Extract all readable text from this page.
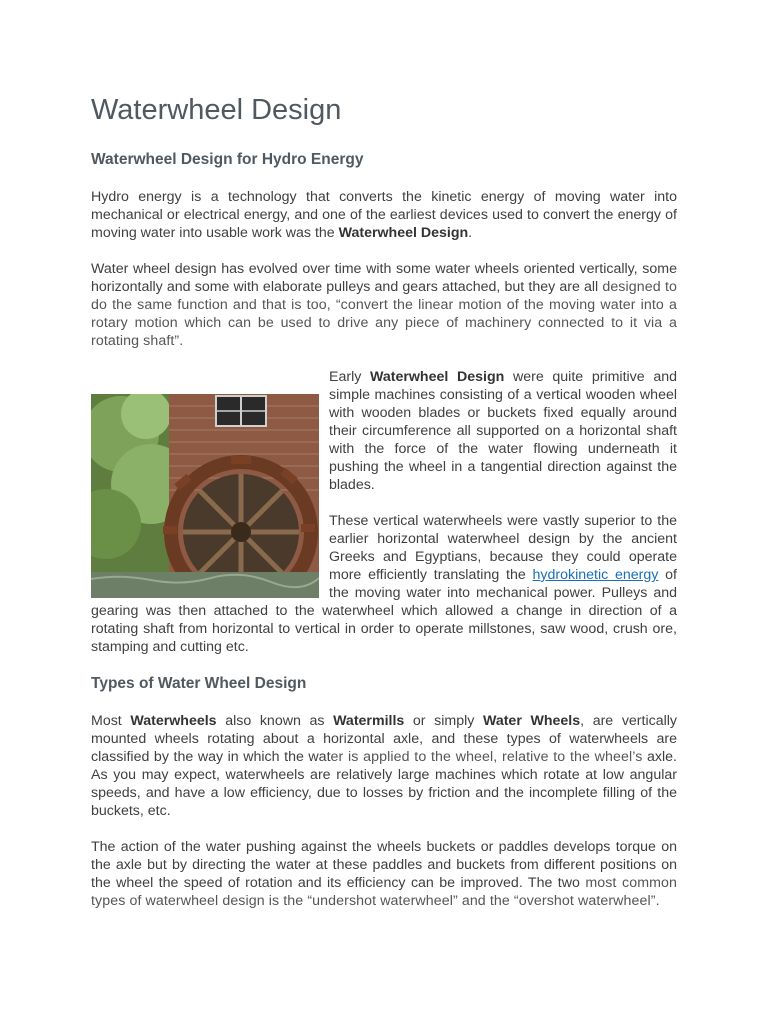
Waterwheel Design
Waterwheel Design for Hydro Energy

Hydro energy is a technology that converts the kinetic energy of moving water into mechanical or electrical energy, and one of the earliest devices used to convert the energy of moving water into usable work was the Waterwheel Design.

Water wheel design has evolved over time with some water wheels oriented vertically, some horizontally and some with elaborate pulleys and gears attached, but they are all designed to do the same function and that is too, “convert the linear motion of the moving water into a rotary motion which can be used to drive any piece of machinery connected to it via a rotating shaft”.

Early Waterwheel Design
were quite primitive and simple machines consisting of a vertical wooden wheel with wooden blades or buckets fixed equally around their circumference all supported on a horizontal shaft with the force of the water flowing underneath it pushing the wheel in a tangential direction against the blades.

These vertical waterwheels were vastly superior to the earlier horizontal waterwheel design by the ancient Greeks and Egyptians, because they could operate more efficiently translating the hydrokinetic energy of the moving water into mechanical power. Pulleys and gearing was then attached to the waterwheel which allowed a change in direction of a rotating shaft from horizontal to vertical in order to operate millstones, saw wood, crush ore, stamping and cutting etc.

Types of Water Wheel Design

Most Waterwheels also known as Watermills or simply Water Wheels, are vertically mounted wheels rotating about a horizontal axle, and these types of waterwheels are classified by the way in which the water is applied to the wheel, relative to the wheel’s axle. As you may expect, waterwheels are relatively large machines which rotate at low angular speeds, and have a low efficiency, due to losses by friction and the incomplete filling of the buckets, etc.

The action of the water pushing against the wheels buckets or paddles develops torque on the axle but by directing the water at these paddles and buckets from different positions on the wheel the speed of rotation and its efficiency can be improved. The two most common types of waterwheel design is the “undershot waterwheel” and the “overshot waterwheel”.
